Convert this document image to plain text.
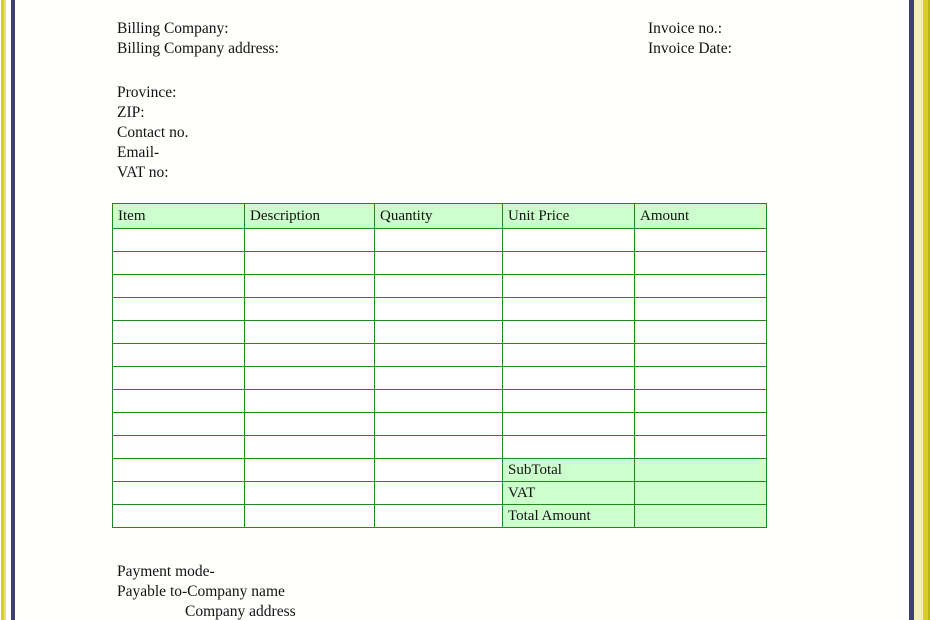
Billing Company:
Billing Company address:
Invoice no.:
Invoice Date:
Province:
ZIP:
Contact no.
Email-
VAT no:
Item	Description	Quantity	Unit Price	Amount

			SubTotal	
			VAT	
			Total Amount	
Payment mode-
Payable to-Company name
Company address
